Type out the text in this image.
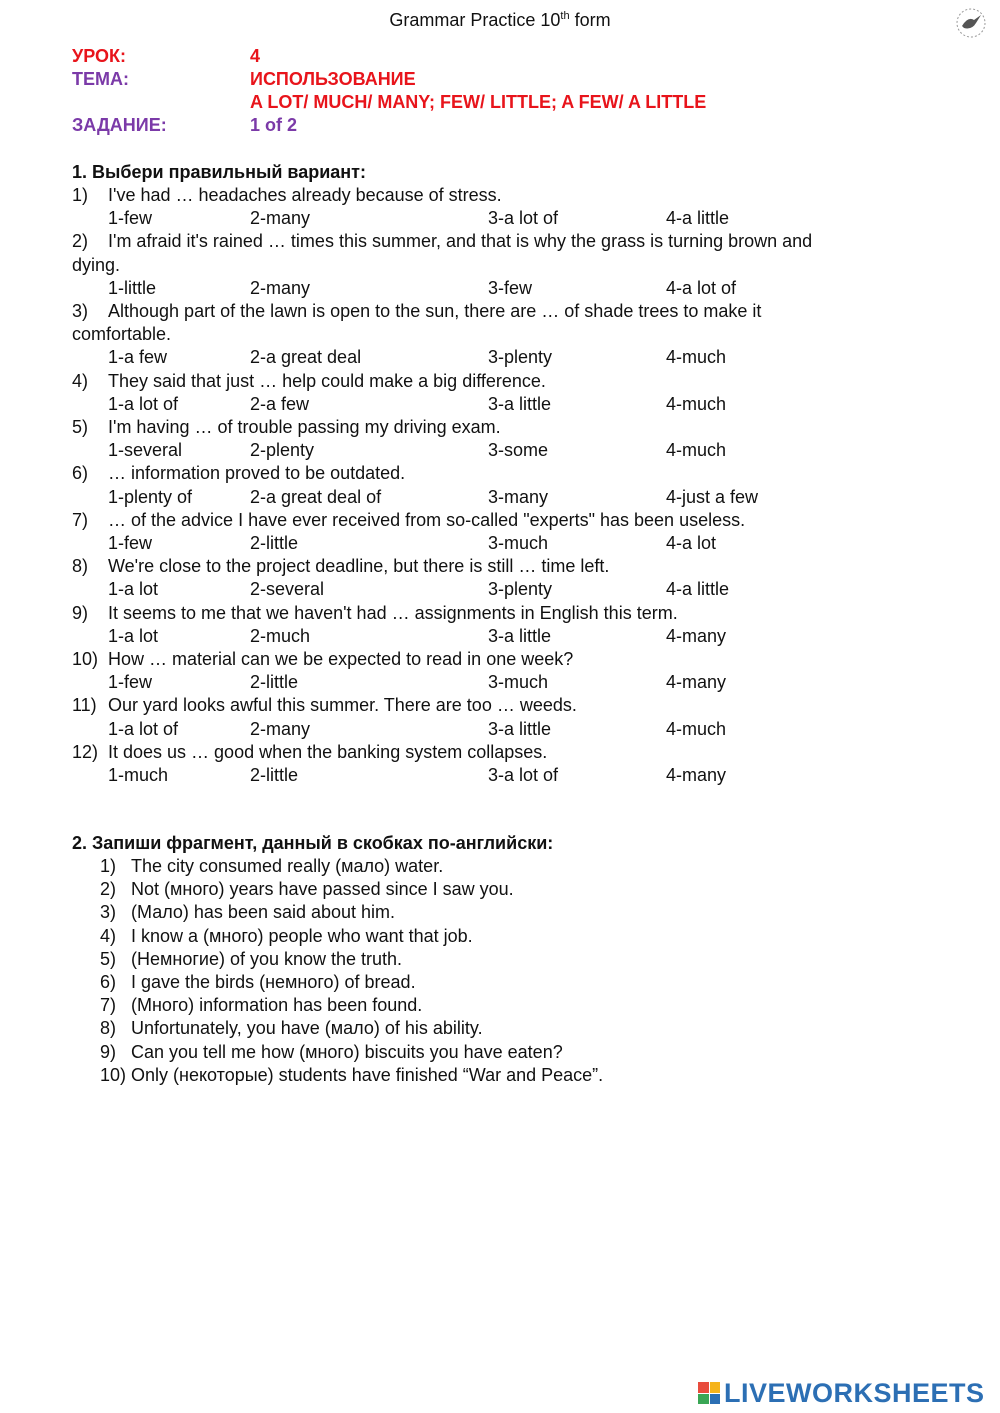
Grammar Practice 10th form
УРОК:	4
ТЕМА:	ИСПОЛЬЗОВАНИЕ
A LOT/ MUCH/ MANY; FEW/ LITTLE; A FEW/ A LITTLE
ЗАДАНИЕ:	1 of 2
1. Выбери правильный вариант:
1) I've had … headaches already because of stress.
1-few	2-many	3-a lot of	4-a little
2) I'm afraid it's rained … times this summer, and that is why the grass is turning brown and
dying.
1-little	2-many	3-few	4-a lot of
3) Although part of the lawn is open to the sun, there are … of shade trees to make it
comfortable.
1-a few	2-a great deal	3-plenty	4-much
4) They said that just … help could make a big difference.
1-a lot of	2-a few	3-a little	4-much
5) I'm having … of trouble passing my driving exam.
1-several	2-plenty	3-some	4-much
6) … information proved to be outdated.
1-plenty of	2-a great deal of	3-many	4-just a few
7) … of the advice I have ever received from so-called "experts" has been useless.
1-few	2-little	3-much	4-a lot
8) We're close to the project deadline, but there is still … time left.
1-a lot	2-several	3-plenty	4-a little
9) It seems to me that we haven't had … assignments in English this term.
1-a lot	2-much	3-a little	4-many
10) How … material can we be expected to read in one week?
1-few	2-little	3-much	4-many
11) Our yard looks awful this summer. There are too … weeds.
1-a lot of	2-many	3-a little	4-much
12) It does us … good when the banking system collapses.
1-much	2-little	3-a lot of	4-many
2. Запиши фрагмент, данный в скобках по-английски:
1) The city consumed really (мало) water.
2) Not (много) years have passed since I saw you.
3) (Мало) has been said about him.
4) I know a (много) people who want that job.
5) (Немногие) of you know the truth.
6) I gave the birds (немного) of bread.
7) (Много) information has been found.
8) Unfortunately, you have (мало) of his ability.
9) Can you tell me how (много) biscuits you have eaten?
10) Only (некоторые) students have finished “War and Peace”.
LIVEWORKSHEETS
